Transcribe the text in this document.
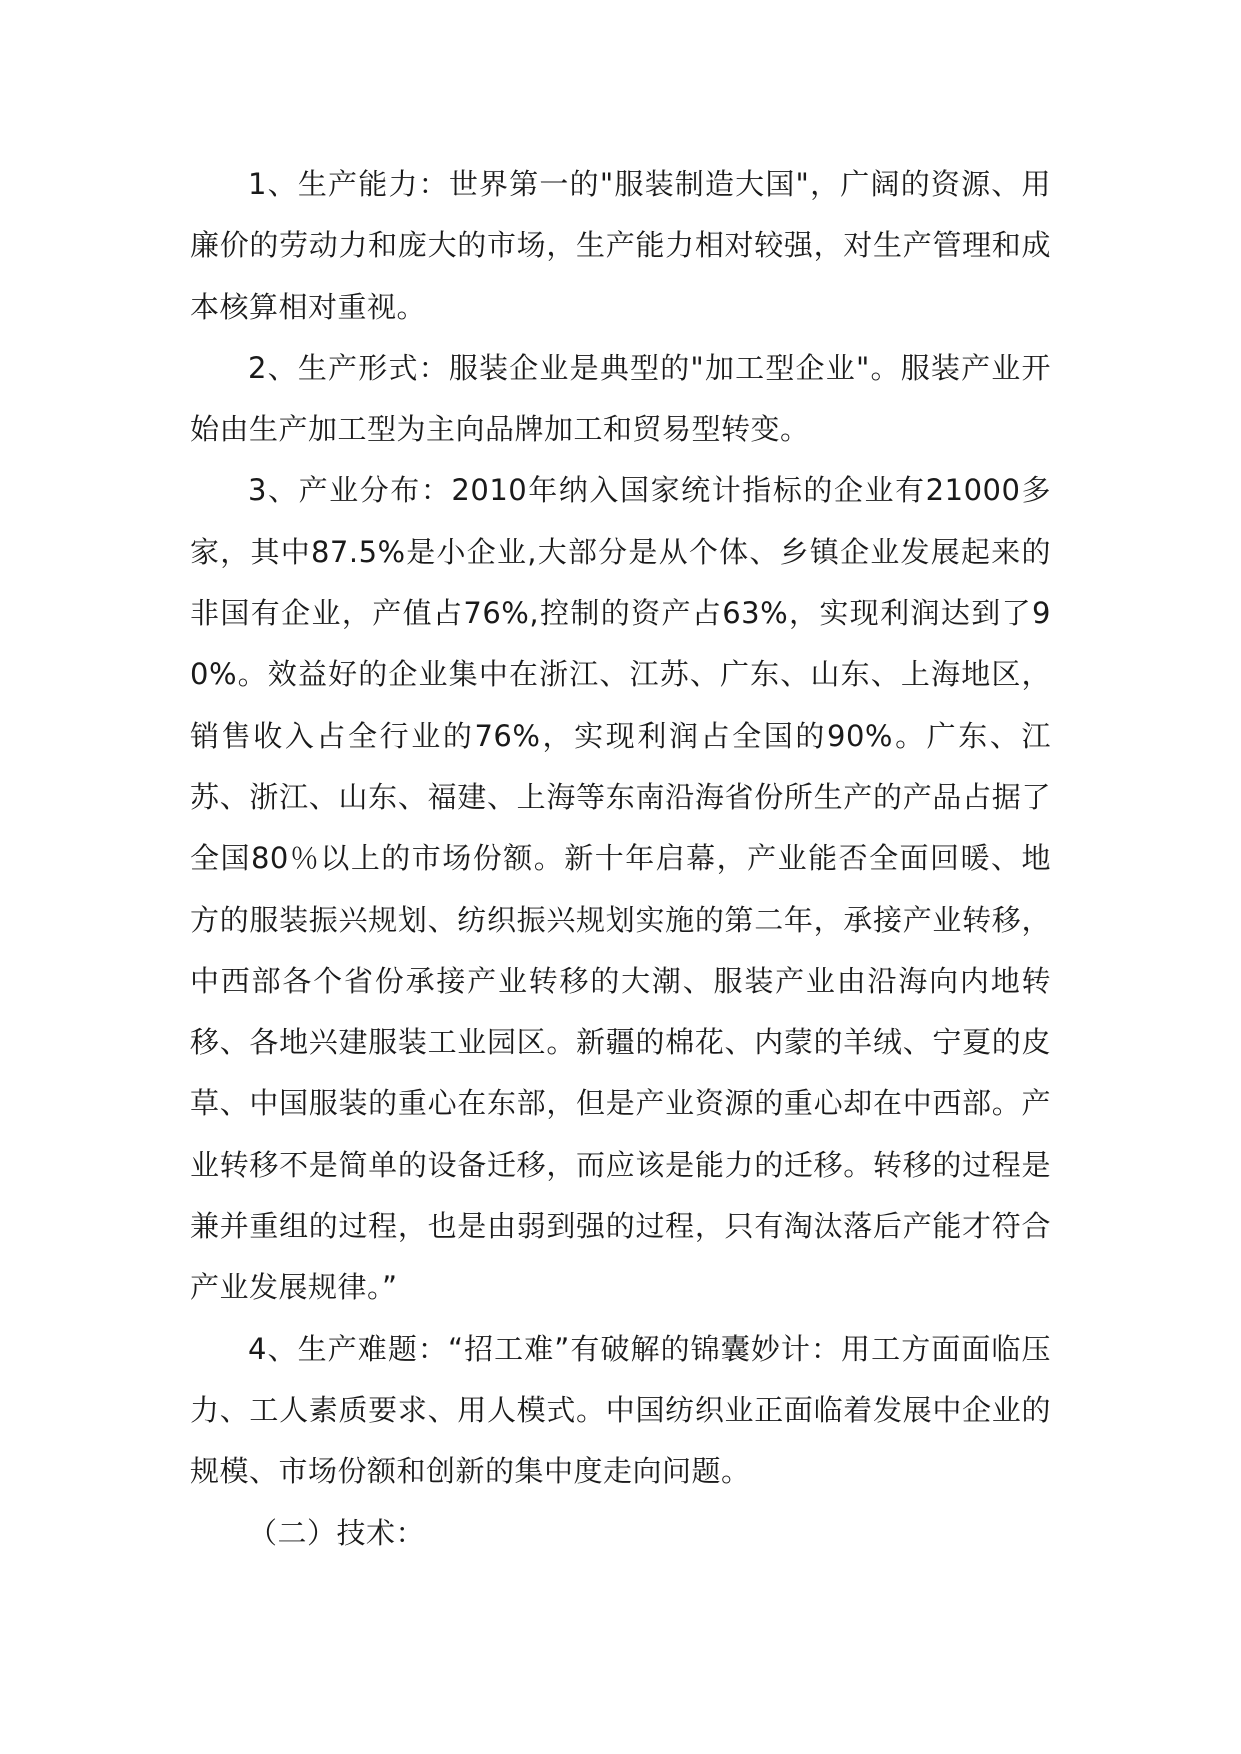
1、生产能力：世界第一的"服装制造大国"，广阔的资源、用廉价的劳动力和庞大的市场，生产能力相对较强，对生产管理和成本核算相对重视。

2、生产形式：服装企业是典型的"加工型企业"。服装产业开始由生产加工型为主向品牌加工和贸易型转变。

3、产业分布：2010年纳入国家统计指标的企业有21000多家，其中87.5%是小企业,大部分是从个体、乡镇企业发展起来的非国有企业，产值占76%,控制的资产占63%，实现利润达到了90%。效益好的企业集中在浙江、江苏、广东、山东、上海地区，销售收入占全行业的76%，实现利润占全国的90%。广东、江苏、浙江、山东、福建、上海等东南沿海省份所生产的产品占据了全国80％以上的市场份额。新十年启幕，产业能否全面回暖、地方的服装振兴规划、纺织振兴规划实施的第二年，承接产业转移，中西部各个省份承接产业转移的大潮、服装产业由沿海向内地转移、各地兴建服装工业园区。新疆的棉花、内蒙的羊绒、宁夏的皮草、中国服装的重心在东部，但是产业资源的重心却在中西部。产业转移不是简单的设备迁移，而应该是能力的迁移。转移的过程是兼并重组的过程，也是由弱到强的过程，只有淘汰落后产能才符合产业发展规律。”

4、生产难题：“招工难”有破解的锦囊妙计：用工方面面临压力、工人素质要求、用人模式。中国纺织业正面临着发展中企业的规模、市场份额和创新的集中度走向问题。

（二）技术：
